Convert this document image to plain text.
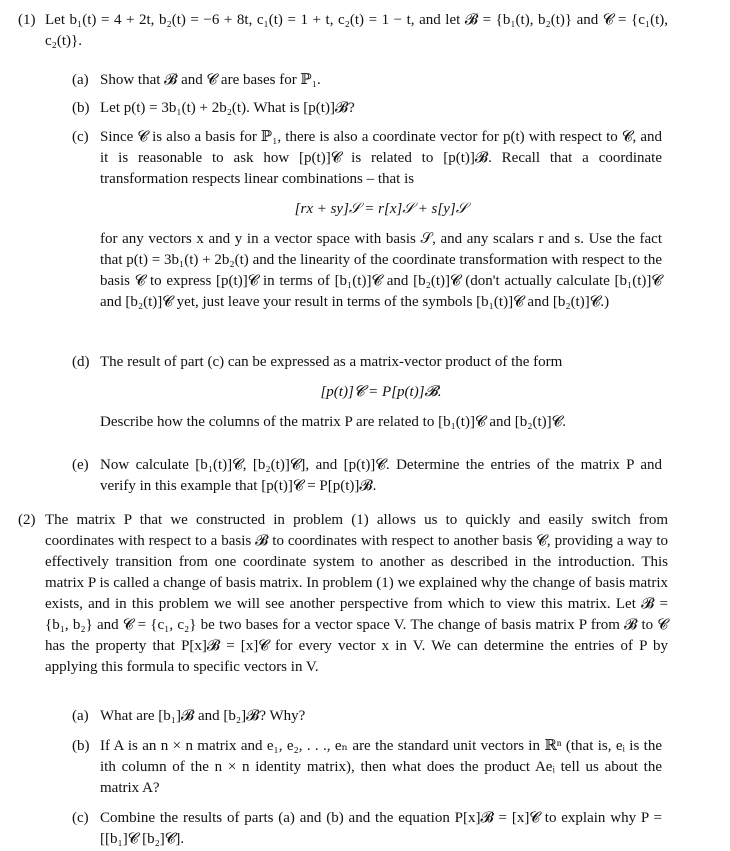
(1) Let b₁(t) = 4 + 2t, b₂(t) = −6 + 8t, c₁(t) = 1 + t, c₂(t) = 1 − t, and let 𝓑 = {b₁(t), b₂(t)} and 𝓒 = {c₁(t), c₂(t)}.

(a) Show that 𝓑 and 𝓒 are bases for ℙ₁.

(b) Let p(t) = 3b₁(t) + 2b₂(t). What is [p(t)]𝓑?

(c) Since 𝓒 is also a basis for ℙ₁, there is also a coordinate vector for p(t) with respect to 𝓒, and it is reasonable to ask how [p(t)]𝓒 is related to [p(t)]𝓑. Recall that a coordinate transformation respects linear combinations – that is

[rx + sy]𝒮 = r[x]𝒮 + s[y]𝒮

for any vectors x and y in a vector space with basis 𝒮, and any scalars r and s. Use the fact that p(t) = 3b₁(t) + 2b₂(t) and the linearity of the coordinate transformation with respect to the basis 𝓒 to express [p(t)]𝓒 in terms of [b₁(t)]𝓒 and [b₂(t)]𝓒 (don't actually calculate [b₁(t)]𝓒 and [b₂(t)]𝓒 yet, just leave your result in terms of the symbols [b₁(t)]𝓒 and [b₂(t)]𝓒.)

(d) The result of part (c) can be expressed as a matrix-vector product of the form

[p(t)]𝓒 = P[p(t)]𝓑.

Describe how the columns of the matrix P are related to [b₁(t)]𝓒 and [b₂(t)]𝓒.

(e) Now calculate [b₁(t)]𝓒, [b₂(t)]𝓒], and [p(t)]𝓒. Determine the entries of the matrix P and verify in this example that [p(t)]𝓒 = P[p(t)]𝓑.

(2) The matrix P that we constructed in problem (1) allows us to quickly and easily switch from coordinates with respect to a basis 𝓑 to coordinates with respect to another basis 𝓒, providing a way to effectively transition from one coordinate system to another as described in the introduction. This matrix P is called a change of basis matrix. In problem (1) we explained why the change of basis matrix exists, and in this problem we will see another perspective from which to view this matrix. Let 𝓑 = {b₁, b₂} and 𝓒 = {c₁, c₂} be two bases for a vector space V. The change of basis matrix P from 𝓑 to 𝓒 has the property that P[x]𝓑 = [x]𝓒 for every vector x in V. We can determine the entries of P by applying this formula to specific vectors in V.

(a) What are [b₁]𝓑 and [b₂]𝓑? Why?

(b) If A is an n × n matrix and e₁, e₂, . . ., eₙ are the standard unit vectors in ℝⁿ (that is, eᵢ is the ith column of the n × n identity matrix), then what does the product Aeᵢ tell us about the matrix A?

(c) Combine the results of parts (a) and (b) and the equation P[x]𝓑 = [x]𝓒 to explain why P = [[b₁]𝓒 [b₂]𝓒].
